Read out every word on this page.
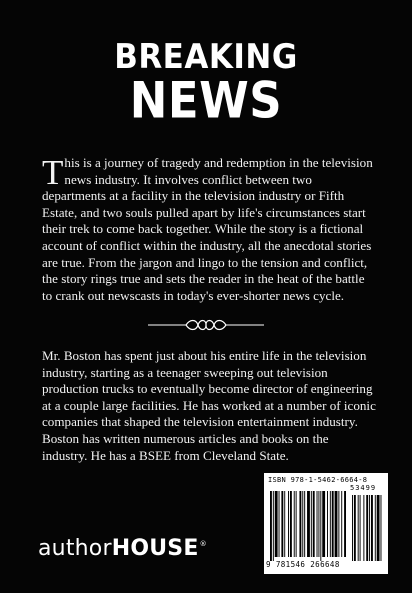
BREAKING
NEWS

This is a journey of tragedy and redemption in the television news industry. It involves conflict between two departments at a facility in the television industry or Fifth Estate, and two souls pulled apart by life's circumstances start their trek to come back together. While the story is a fictional account of conflict within the industry, all the anecdotal stories are true. From the jargon and lingo to the tension and conflict, the story rings true and sets the reader in the heat of the battle to crank out newscasts in today's ever-shorter news cycle.

Mr. Boston has spent just about his entire life in the television industry, starting as a teenager sweeping out television production trucks to eventually become director of engineering at a couple large facilities. He has worked at a number of iconic companies that shaped the television entertainment industry. Boston has written numerous articles and books on the industry. He has a BSEE from Cleveland State.

authorHOUSE®
ISBN 978-1-5462-6664-8
53499
9 781546 266648
